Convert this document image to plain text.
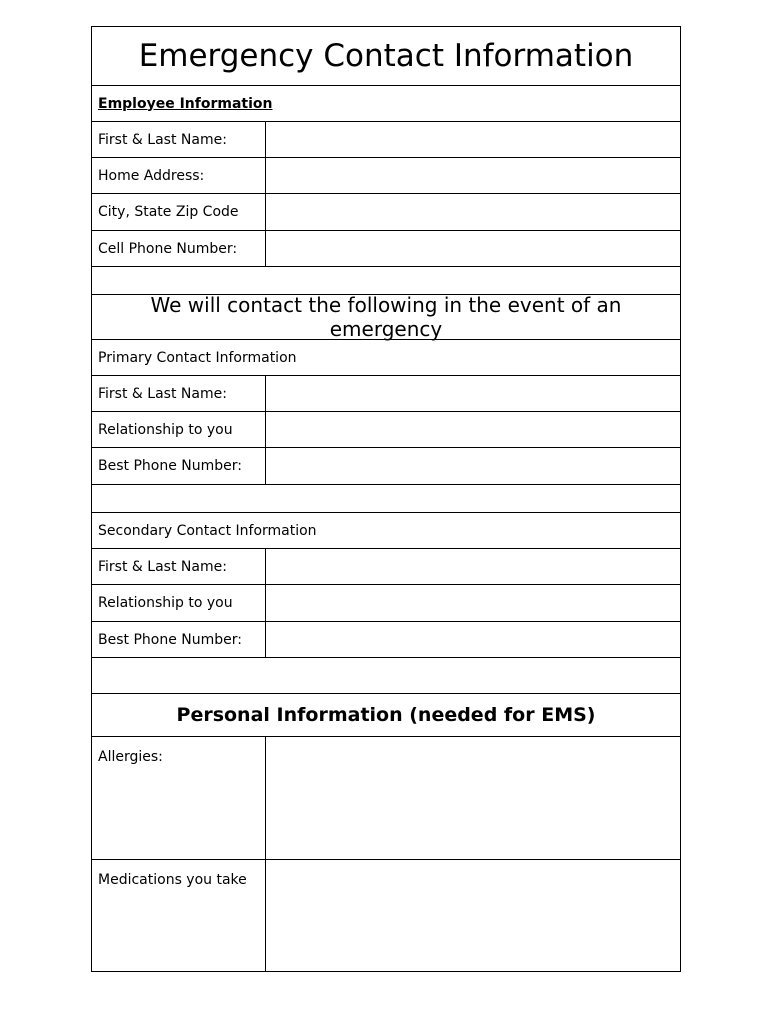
Emergency Contact Information
Employee Information
First & Last Name:
Home Address:
City, State Zip Code
Cell Phone Number:
We will contact the following in the event of an emergency
Primary Contact Information
First & Last Name:
Relationship to you
Best Phone Number:
Secondary Contact Information
First & Last Name:
Relationship to you
Best Phone Number:
Personal Information (needed for EMS)
Allergies:
Medications you take
